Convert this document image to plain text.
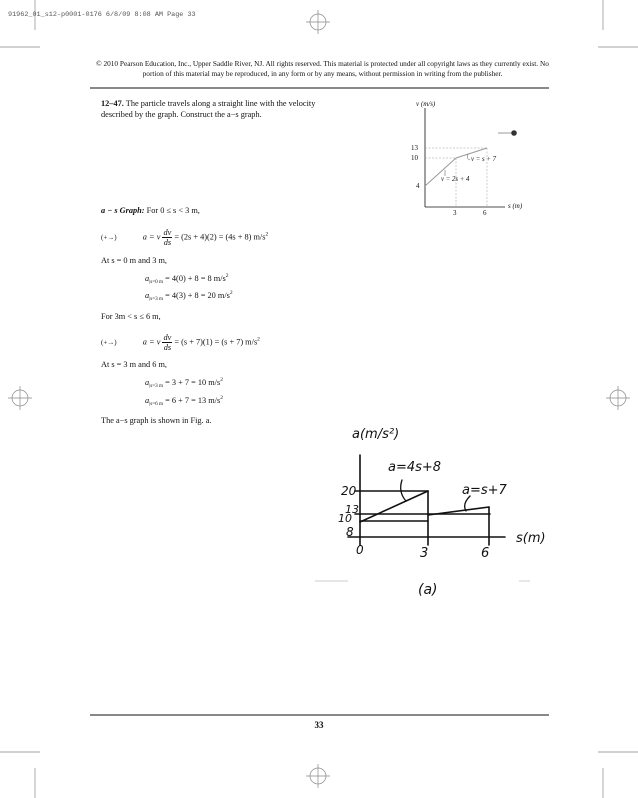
91962_01_s12-p0001-0176 6/8/09 8:08 AM Page 33
© 2010 Pearson Education, Inc., Upper Saddle River, NJ. All rights reserved. This material is protected under all copyright laws as they currently exist. No portion of this material may be reproduced, in any form or by any means, without permission in writing from the publisher.
12–47. The particle travels along a straight line with the velocity described by the graph. Construct the a−s graph.
v (m/s)
s (m)
13
10
4
3	6
v = 2s + 4
v = s + 7
a − s Graph: For 0 ≤ s < 3 m,
(+→)	a = v $\frac{dv}{ds} = (2s + 4)(2) = (4s + 8)$ $m/s^2$
At s = 0 m and 3 m,
$a_{|s=0 m} = 4(0) + 8 = 8$ $m/s^2$
$a_{|s=3 m} = 4(3) + 8 = 20$ $m/s^2$
For 3m < s ≤ 6 m,
(+→)	a = v $\frac{dv}{ds} = (s + 7)(1) = (s + 7)$ $m/s^2$
At s = 3 m and 6 m,
$a_{|s=3 m} = 3 + 7 = 10$ $m/s^2$
$a_{|s=6 m} = 6 + 7 = 13$ $m/s^2$
The a−s graph is shown in Fig. a.
a(m/s²)
a=4s+8
a=s+7
20
13
10
8
0	3	6
s(m)
(a)
33
